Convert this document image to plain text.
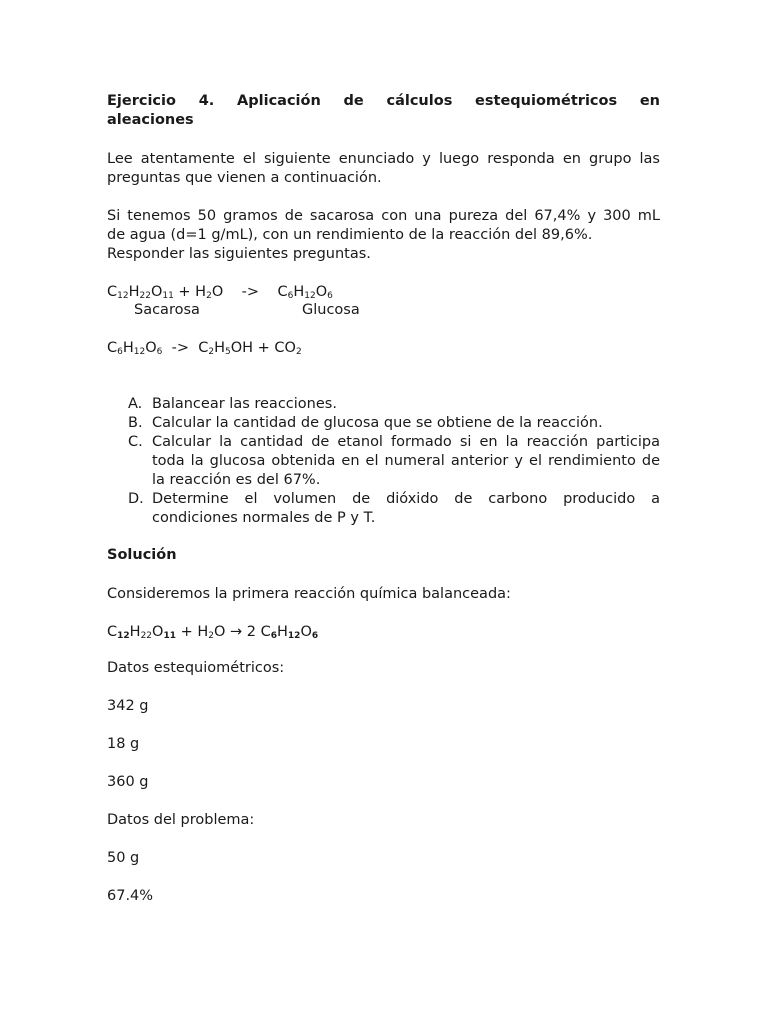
Ejercicio 4. Aplicación de cálculos estequiométricos en

aleaciones

Lee atentamente el siguiente enunciado y luego responda en grupo las preguntas que vienen a continuación.

Si tenemos 50 gramos de sacarosa con una pureza del 67,4% y 300 mL

de agua (d=1 g/mL), con un rendimiento de la reacción del 89,6%.

Responder las siguientes preguntas.

$C_{12}H_{22}O_{11} + H_2O$    ->    $C_6H_{12}O_6$
Sacarosa	Glucosa
$C_6H_{12}O_6 -> C_2H_5OH + CO_2$
A. Balancear las reacciones.
B. Calcular la cantidad de glucosa que se obtiene de la reacción.
C. Calcular la cantidad de etanol formado si en la reacción participa toda la glucosa obtenida en el numeral anterior y el rendimiento de la reacción es del 67%.
D. Determine el volumen de dióxido de carbono producido a condiciones normales de P y T.
Solución
Consideremos la primera reacción química balanceada:
$C_{12}H_{22}O_{11} + H_2O \to 2$ $C_6H_{12}O_6$
Datos estequiométricos:
342 g
18 g
360 g
Datos del problema:
50 g
67.4%
